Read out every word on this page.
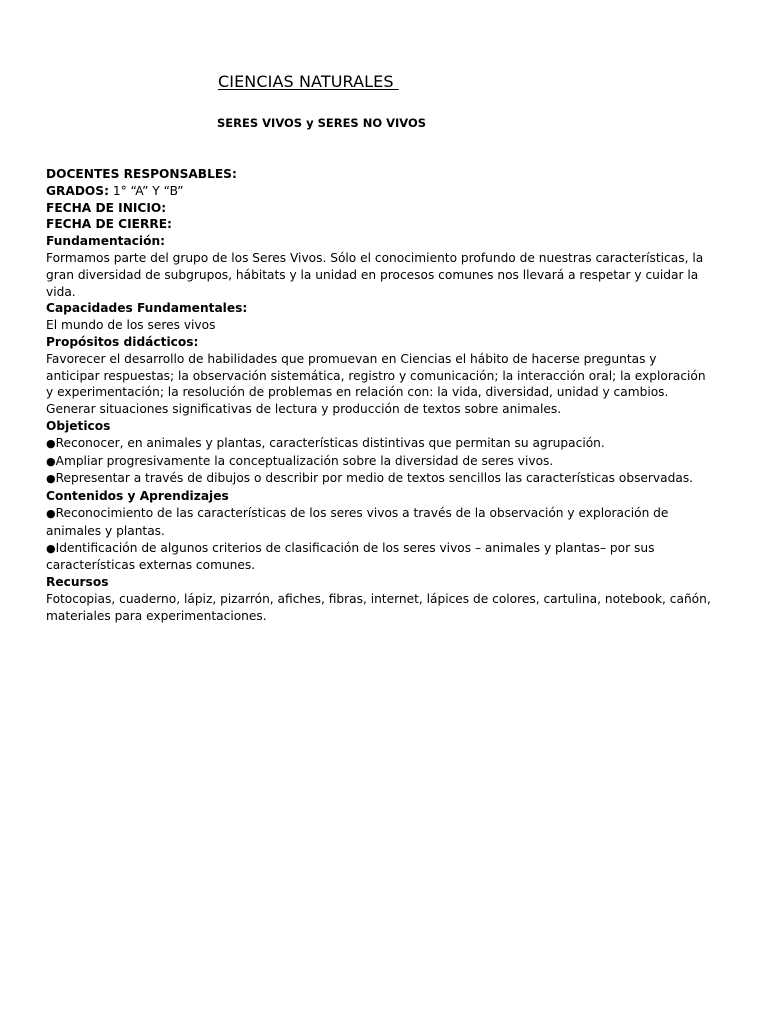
CIENCIAS NATURALES
SERES VIVOS y SERES NO VIVOS

DOCENTES RESPONSABLES:

GRADOS: 1° “A” Y “B”

FECHA DE INICIO:

FECHA DE CIERRE:

Fundamentación:

Formamos parte del grupo de los Seres Vivos. Sólo el conocimiento profundo de nuestras características, la gran diversidad de subgrupos, hábitats y la unidad en procesos comunes nos llevará a respetar y cuidar la vida.

Capacidades Fundamentales:

El mundo de los seres vivos

Propósitos didácticos:

Favorecer el desarrollo de habilidades que promuevan en Ciencias el hábito de hacerse preguntas y anticipar respuestas; la observación sistemática, registro y comunicación; la interacción oral; la exploración y experimentación; la resolución de problemas en relación con: la vida, diversidad, unidad y cambios. Generar situaciones significativas de lectura y producción de textos sobre animales.

Objeticos

●Reconocer, en animales y plantas, características distintivas que permitan su agrupación.

●Ampliar progresivamente la conceptualización sobre la diversidad de seres vivos.

●Representar a través de dibujos o describir por medio de textos sencillos las características observadas.

Contenidos y Aprendizajes

●Reconocimiento de las características de los seres vivos a través de la observación y exploración de animales y plantas.

●Identificación de algunos criterios de clasificación de los seres vivos – animales y plantas– por sus características externas comunes.

Recursos

Fotocopias, cuaderno, lápiz, pizarrón, afiches, fibras, internet, lápices de colores, cartulina, notebook, cañón, materiales para experimentaciones.
